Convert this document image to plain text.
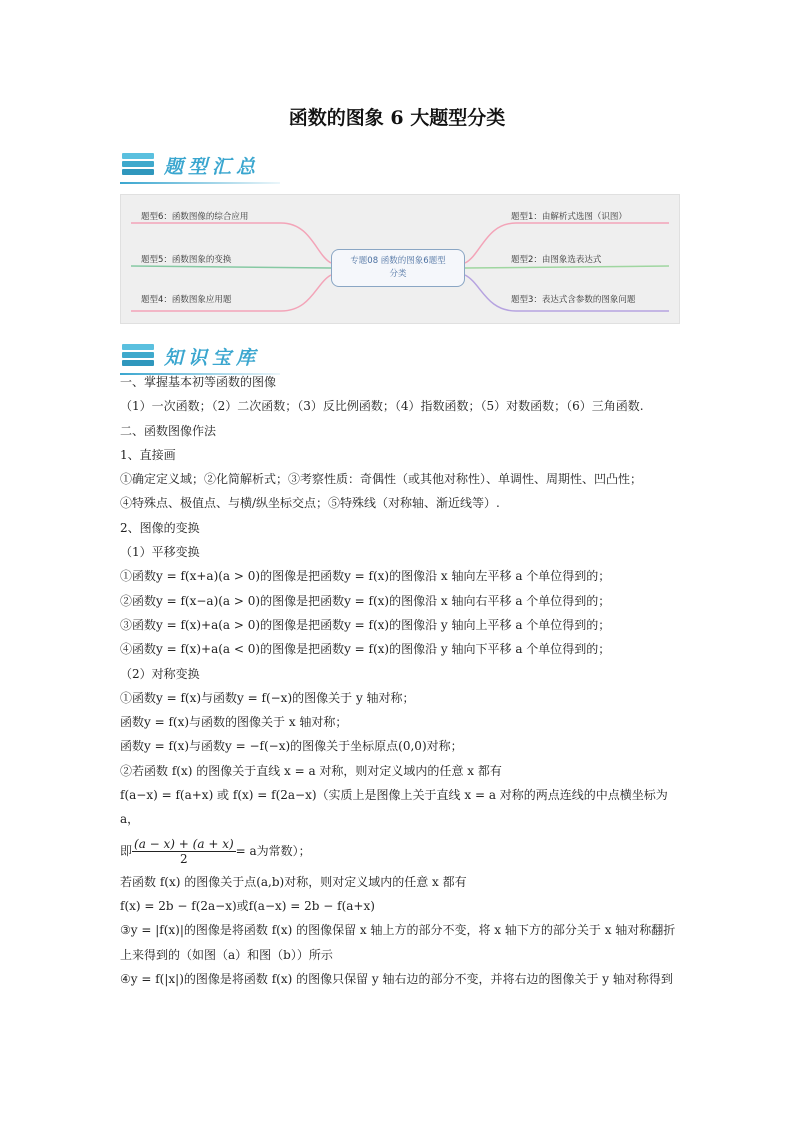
函数的图象 6 大题型分类
题型汇总
题型6：函数图像的综合应用
题型5：函数图象的变换
题型4：函数图象应用题
题型1：由解析式选图（识图）
题型2：由图象选表达式
题型3：表达式含参数的图象问题
专题08 函数的图象6题型
分类
知识宝库

一、掌握基本初等函数的图像

（1）一次函数；（2）二次函数；（3）反比例函数；（4）指数函数；（5）对数函数；（6）三角函数.

二、函数图像作法

1、直接画

①确定定义域；②化简解析式；③考察性质：奇偶性（或其他对称性）、单调性、周期性、凹凸性；

④特殊点、极值点、与横/纵坐标交点；⑤特殊线（对称轴、渐近线等）.

2、图像的变换

（1）平移变换

①函数y = f(x+a)(a > 0)的图像是把函数y = f(x)的图像沿 x 轴向左平移 a 个单位得到的；

②函数y = f(x−a)(a > 0)的图像是把函数y = f(x)的图像沿 x 轴向右平移 a 个单位得到的；

③函数y = f(x)+a(a > 0)的图像是把函数y = f(x)的图像沿 y 轴向上平移 a 个单位得到的；

④函数y = f(x)+a(a < 0)的图像是把函数y = f(x)的图像沿 y 轴向下平移 a 个单位得到的；

（2）对称变换

①函数y = f(x)与函数y = f(−x)的图像关于 y 轴对称；

函数y = f(x)与函数的图像关于 x 轴对称；

函数y = f(x)与函数y = −f(−x)的图像关于坐标原点(0,0)对称；

②若函数 f(x) 的图像关于直线 x = a 对称，则对定义域内的任意 x 都有

f(a−x) = f(a+x) 或 f(x) = f(2a−x)（实质上是图像上关于直线 x = a 对称的两点连线的中点横坐标为

a，

即 $\frac{(a - x) + (a + x)}{2} = a$为常数）；

若函数 f(x) 的图像关于点(a,b)对称，则对定义域内的任意 x 都有

f(x) = 2b − f(2a−x)或f(a−x) = 2b − f(a+x)

③y = |f(x)|的图像是将函数 f(x) 的图像保留 x 轴上方的部分不变，将 x 轴下方的部分关于 x 轴对称翻折

上来得到的（如图（a）和图（b））所示

④y = f(|x|)的图像是将函数 f(x) 的图像只保留 y 轴右边的部分不变，并将右边的图像关于 y 轴对称得到
